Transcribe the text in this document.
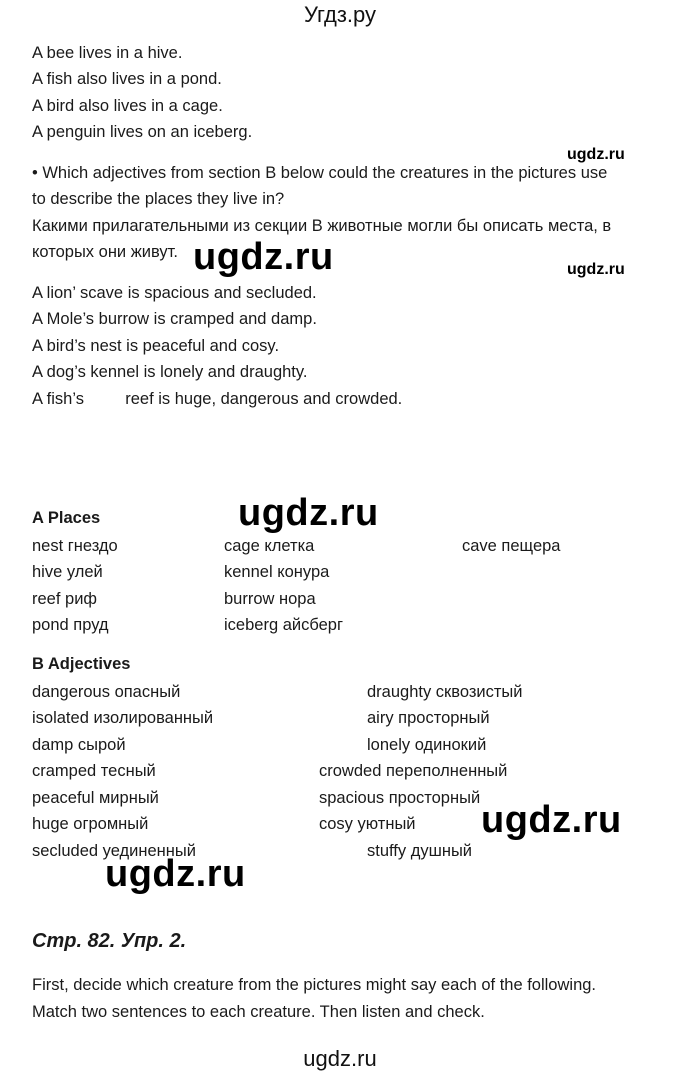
Угдз.ру
A bee lives in a hive.
A fish also lives in a pond.
A bird also lives in a cage.
A penguin lives on an iceberg.
ugdz.ru
• Which adjectives from section B below could the creatures in the pictures use
to describe the places they live in?
Какими прилагательными из секции В животные могли бы описать места, в
которых они живут. ugdz.ru	ugdz.ru
A lion’ scave is spacious and secluded.
A Mole’s burrow is cramped and damp.
A bird’s nest is peaceful and cosy.
A dog’s kennel is lonely and draughty.
A fish’s         reef is huge, dangerous and crowded.
A Places	ugdz.ru
nest гнездо
hive улей
reef риф
pond пруд
cage клетка
kennel конура
burrow нора
iceberg айсберг
cave пещера
B Adjectives
dangerous опасный
isolated изолированный
damp сырой
cramped тесный
peaceful мирный
huge огромный
secluded уединенный
draughty сквозистый
airy просторный
lonely одинокий
crowded переполненный
spacious просторный
cosy уютный
stuffy душный
ugdz.ru
ugdz.ru
Стр. 82. Упр. 2.
First, decide which creature from the pictures might say each of the following.
Match two sentences to each creature. Then listen and check.
ugdz.ru
